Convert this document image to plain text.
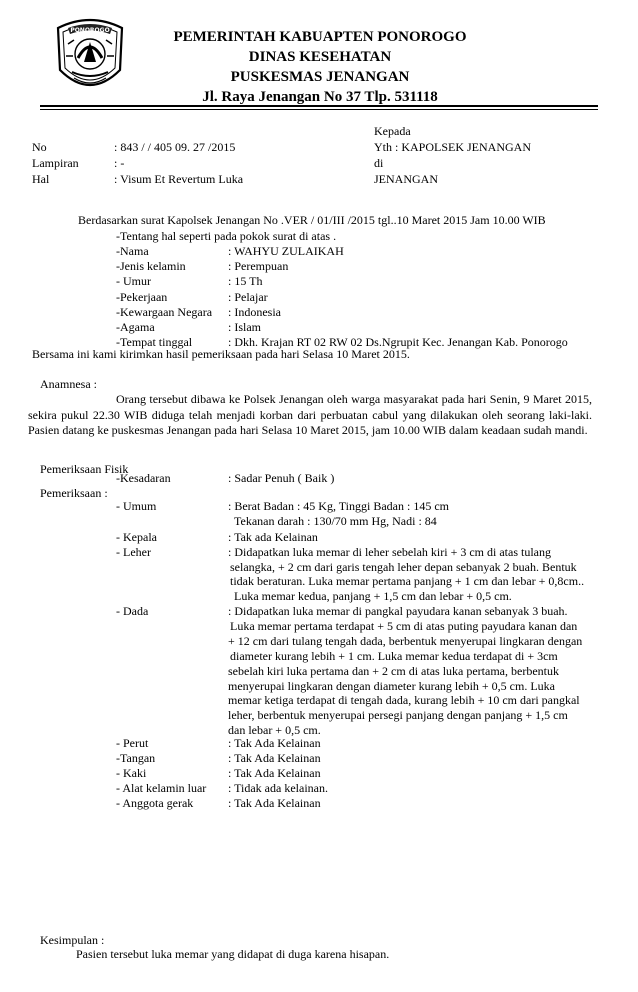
PONOROGO	PEMERINTAH KABUAPTEN PONOROGO
DINAS KESEHATAN
PUSKESMAS JENANGAN
Jl. Raya Jenangan No 37 Tlp. 531118
Kepada
No	: 843 / / 405 09. 27 /2015	Yth : KAPOLSEK JENANGAN
Lampiran	: -	di
Hal	: Visum Et Revertum Luka	JENANGAN
Berdasarkan surat Kapolsek Jenangan No .VER / 01/III /2015 tgl..10 Maret 2015 Jam 10.00 WIB
-Tentang hal seperti pada pokok surat di atas .
-Nama	: WAHYU ZULAIKAH
-Jenis kelamin	: Perempuan
- Umur	: 15 Th
-Pekerjaan	: Pelajar
-Kewargaan Negara : Indonesia
-Agama	: Islam
-Tempat tinggal	: Dkh. Krajan RT 02 RW 02 Ds.Ngrupit Kec. Jenangan Kab. Ponorogo
Bersama ini kami kirimkan hasil pemeriksaan pada hari Selasa 10 Maret 2015.
Anamnesa :
Orang tersebut dibawa ke Polsek Jenangan oleh warga masyarakat pada hari Senin, 9 Maret 2015, sekira pukul 22.30 WIB diduga telah menjadi korban dari perbuatan cabul yang dilakukan oleh seorang laki-laki. Pasien datang ke puskesmas Jenangan pada hari Selasa 10 Maret 2015, jam 10.00 WIB dalam keadaan sudah mandi.
Pemeriksaan Fisik
-Kesadaran	: Sadar Penuh ( Baik )
Pemeriksaan :
- Umum	: Berat Badan : 45 Kg, Tinggi Badan : 145 cm
Tekanan darah : 130/70 mm Hg, Nadi : 84
- Kepala	: Tak ada Kelainan
- Leher	: Didapatkan luka memar di leher sebelah kiri + 3 cm di atas tulang
selangka, + 2 cm dari garis tengah leher depan sebanyak 2 buah. Bentuk
tidak beraturan. Luka memar pertama panjang + 1 cm dan lebar + 0,8cm..
Luka memar kedua, panjang + 1,5 cm dan lebar + 0,5 cm.
- Dada	: Didapatkan luka memar di pangkal payudara kanan sebanyak 3 buah.
Luka memar pertama terdapat + 5 cm di atas puting payudara kanan dan
+ 12 cm dari tulang tengah dada, berbentuk menyerupai lingkaran dengan
diameter kurang lebih + 1 cm. Luka memar kedua terdapat di + 3cm
sebelah kiri luka pertama dan + 2 cm di atas luka pertama, berbentuk
menyerupai lingkaran dengan diameter kurang lebih + 0,5 cm. Luka
memar ketiga terdapat di tengah dada, kurang lebih + 10 cm dari pangkal
leher, berbentuk menyerupai persegi panjang dengan panjang + 1,5 cm
dan lebar + 0,5 cm.
- Perut	: Tak Ada Kelainan
-Tangan	: Tak Ada Kelainan
- Kaki	: Tak Ada Kelainan
- Alat kelamin luar : Tidak ada kelainan.
- Anggota gerak	: Tak Ada Kelainan
Kesimpulan :
Pasien tersebut luka memar yang didapat di duga karena hisapan.
